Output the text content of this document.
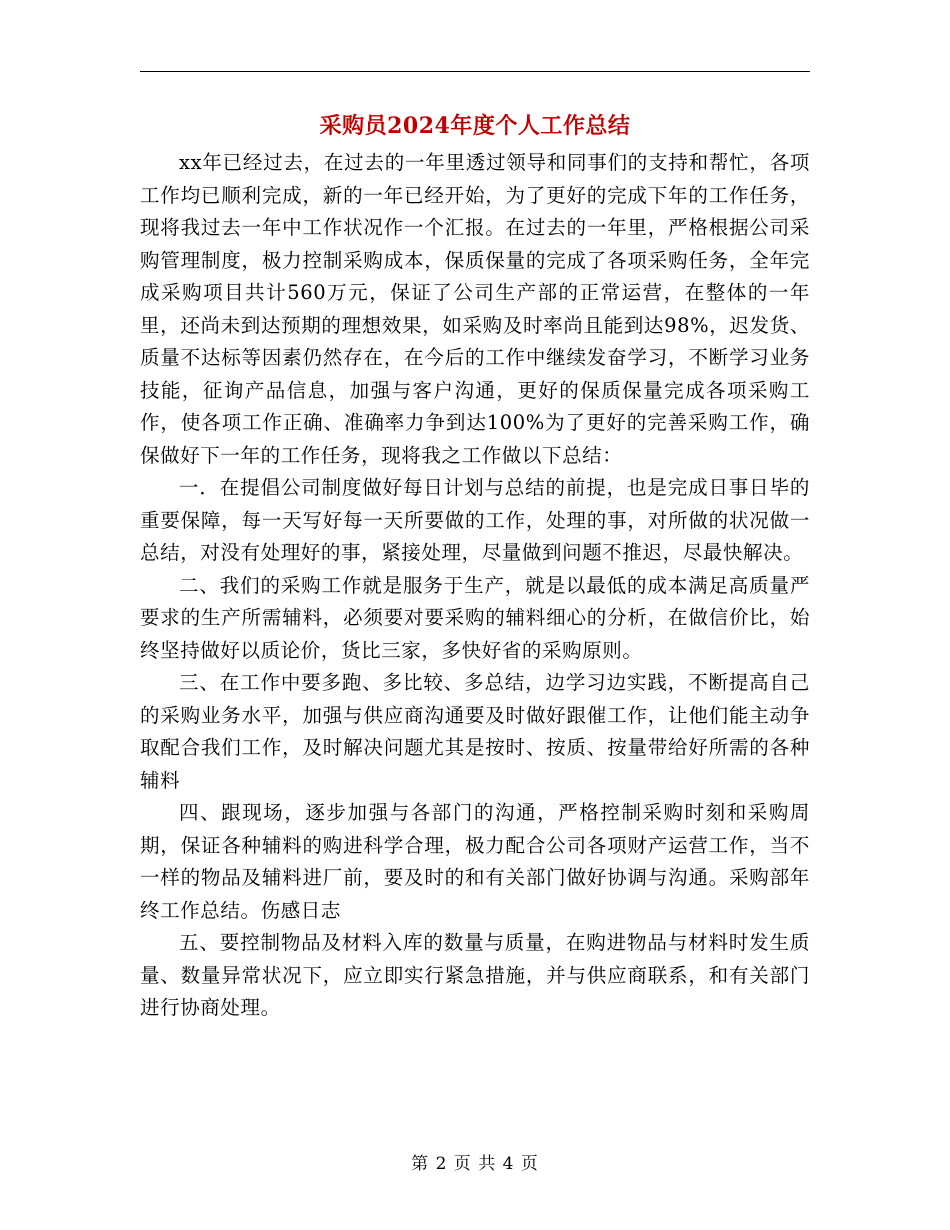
采购员2024年度个人工作总结

xx年已经过去，在过去的一年里透过领导和同事们的支持和帮忙，各项工作均已顺利完成，新的一年已经开始，为了更好的完成下年的工作任务，现将我过去一年中工作状况作一个汇报。在过去的一年里，严格根据公司采购管理制度，极力控制采购成本，保质保量的完成了各项采购任务，全年完成采购项目共计560万元，保证了公司生产部的正常运营，在整体的一年里，还尚未到达预期的理想效果，如采购及时率尚且能到达98%，迟发货、质量不达标等因素仍然存在，在今后的工作中继续发奋学习，不断学习业务技能，征询产品信息，加强与客户沟通，更好的保质保量完成各项采购工作，使各项工作正确、准确率力争到达100%为了更好的完善采购工作，确保做好下一年的工作任务，现将我之工作做以下总结：

一．在提倡公司制度做好每日计划与总结的前提，也是完成日事日毕的重要保障，每一天写好每一天所要做的工作，处理的事，对所做的状况做一总结，对没有处理好的事，紧接处理，尽量做到问题不推迟，尽最快解决。

二、我们的采购工作就是服务于生产，就是以最低的成本满足高质量严要求的生产所需辅料，必须要对要采购的辅料细心的分析，在做信价比，始终坚持做好以质论价，货比三家，多快好省的采购原则。

三、在工作中要多跑、多比较、多总结，边学习边实践，不断提高自己的采购业务水平，加强与供应商沟通要及时做好跟催工作，让他们能主动争取配合我们工作，及时解决问题尤其是按时、按质、按量带给好所需的各种辅料

四、跟现场，逐步加强与各部门的沟通，严格控制采购时刻和采购周期，保证各种辅料的购进科学合理，极力配合公司各项财产运营工作，当不一样的物品及辅料进厂前，要及时的和有关部门做好协调与沟通。采购部年终工作总结。伤感日志

五、要控制物品及材料入库的数量与质量，在购进物品与材料时发生质量、数量异常状况下，应立即实行紧急措施，并与供应商联系，和有关部门进行协商处理。

第 2 页 共 4 页
